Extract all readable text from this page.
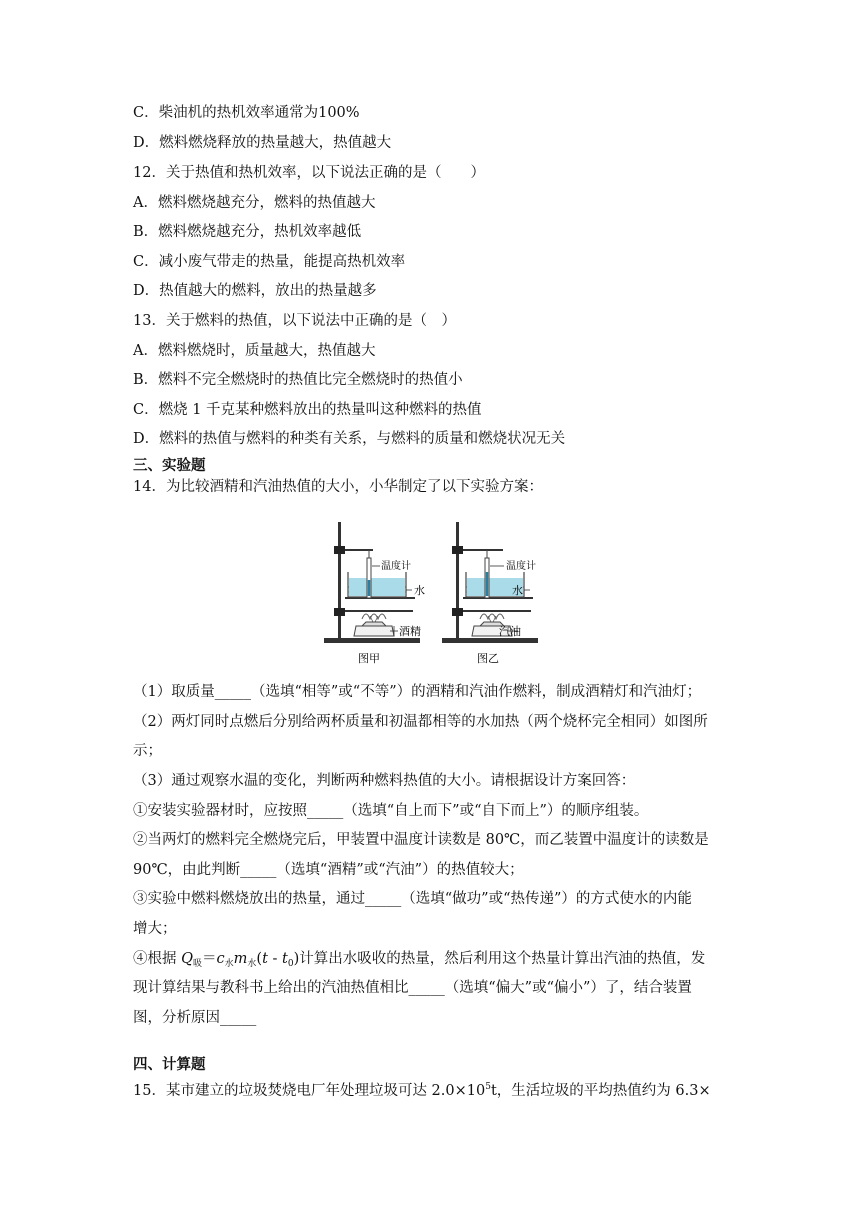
C．柴油机的热机效率通常为100%
D．燃料燃烧释放的热量越大，热值越大
12．关于热值和热机效率，以下说法正确的是（　　）
A．燃料燃烧越充分，燃料的热值越大
B．燃料燃烧越充分，热机效率越低
C．减小废气带走的热量，能提高热机效率
D．热值越大的燃料，放出的热量越多
13．关于燃料的热值，以下说法中正确的是（　）
A．燃料燃烧时，质量越大，热值越大
B．燃料不完全燃烧时的热值比完全燃烧时的热值小
C．燃烧 1 千克某种燃料放出的热量叫这种燃料的热值
D．燃料的热值与燃料的种类有关系，与燃料的质量和燃烧状况无关
三、实验题
14．为比较酒精和汽油热值的大小，小华制定了以下实验方案：
温度计
水
酒精
图甲
温度计
水
汽油
图乙
（1）取质量_____（选填“相等”或“不等”）的酒精和汽油作燃料，制成酒精灯和汽油灯；
（2）两灯同时点燃后分别给两杯质量和初温都相等的水加热（两个烧杯完全相同）如图所
示；
（3）通过观察水温的变化，判断两种燃料热值的大小。请根据设计方案回答：
①安装实验器材时，应按照_____（选填“自上而下”或“自下而上”）的顺序组装。
②当两灯的燃料完全燃烧完后，甲装置中温度计读数是 80℃，而乙装置中温度计的读数是
90℃，由此判断_____（选填“酒精”或“汽油”）的热值较大；
③实验中燃料燃烧放出的热量，通过_____（选填“做功”或“热传递”）的方式使水的内能
增大；
④根据 $Q_吸=c_水m_水(t - t_0)$计算出水吸收的热量，然后利用这个热量计算出汽油的热值，发
现计算结果与教科书上给出的汽油热值相比_____（选填“偏大”或“偏小”）了，结合装置
图，分析原因_____
四、计算题
15．某市建立的垃圾焚烧电厂年处理垃圾可达 $2.0\times 10^5t$，生活垃圾的平均热值约为 6.3×
